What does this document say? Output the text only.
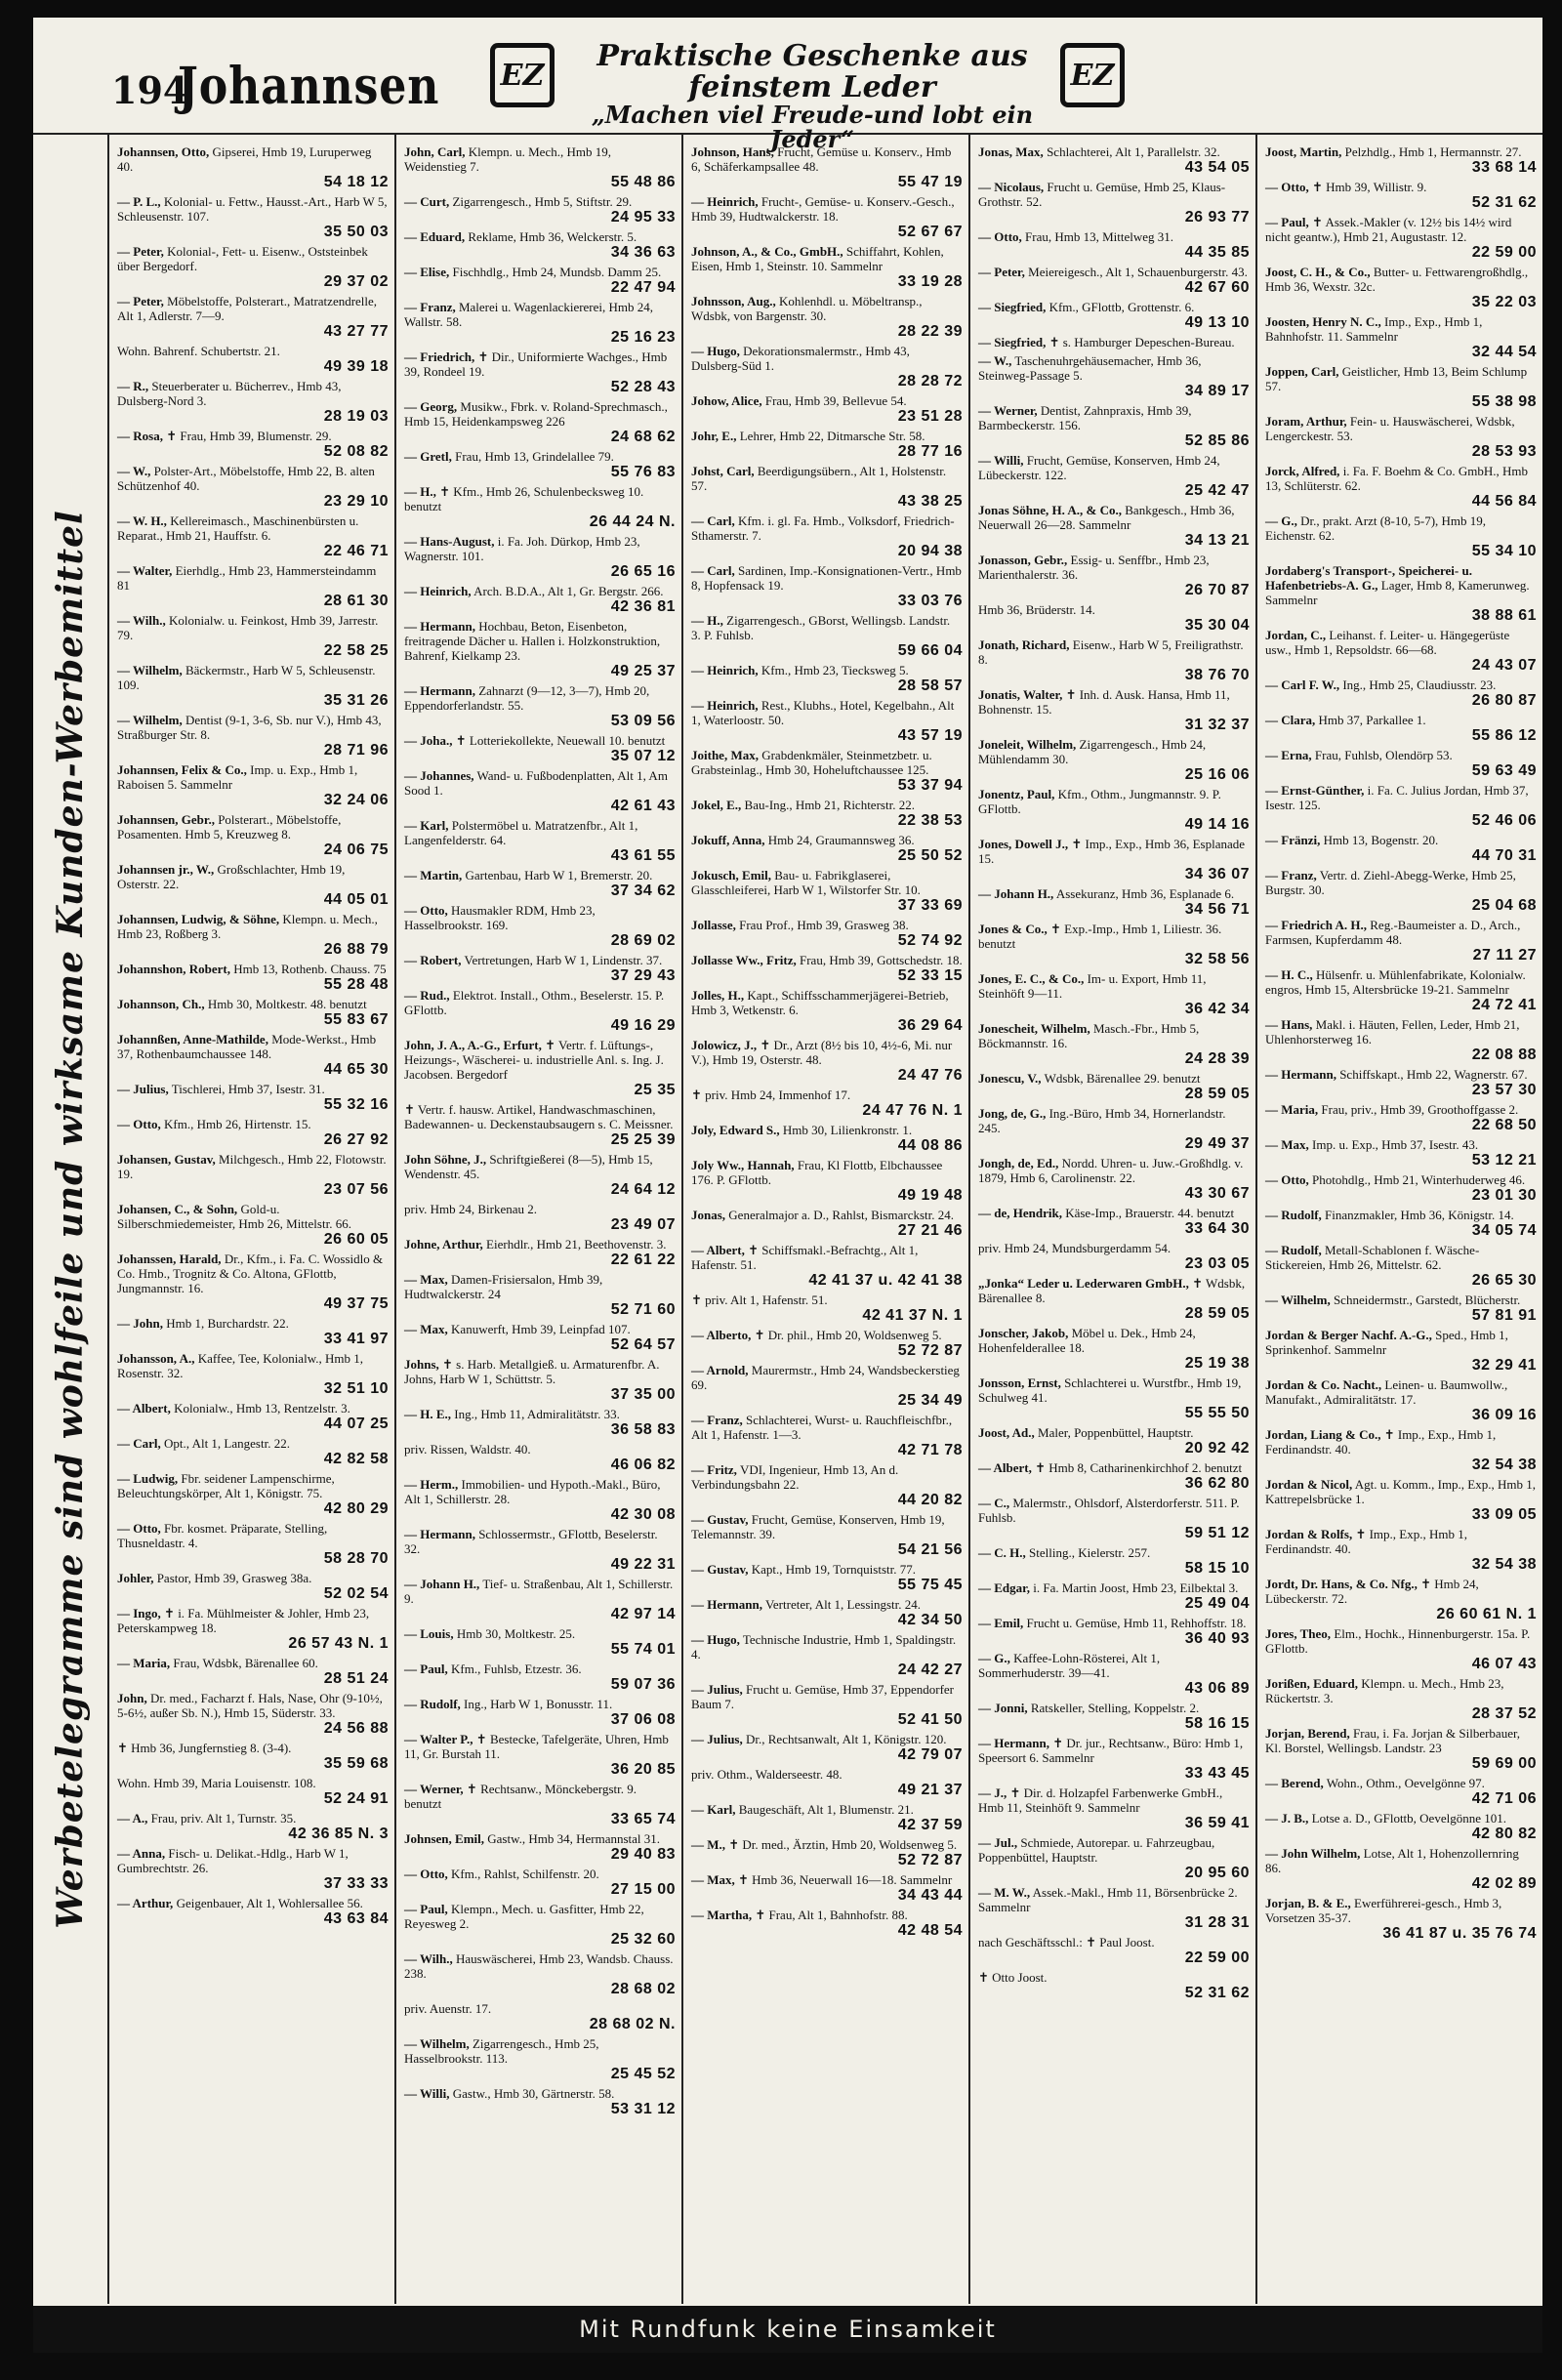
194
Johannsen	EZ
Praktische Geschenke aus feinstem Leder
„Machen viel Freude-und lobt ein Jeder“
EZ
Werbetelegramme sind wohlfeile und wirksame Kunden-Werbemittel
Johannsen, Otto, Gipserei, Hmb 19, Luruperweg 40.
54 18 12
— P. L., Kolonial- u. Fettw., Hausst.-Art., Harb W 5, Schleusenstr. 107.
35 50 03
— Peter, Kolonial-, Fett- u. Eisenw., Oststeinbek über Bergedorf.
29 37 02
— Peter, Möbelstoffe, Polsterart., Matratzendrelle, Alt 1, Adlerstr. 7—9.
43 27 77
Wohn. Bahrenf. Schubertstr. 21.
49 39 18
— R., Steuerberater u. Bücherrev., Hmb 43, Dulsberg-Nord 3.
28 19 03
— Rosa, ✝ Frau, Hmb 39, Blumenstr. 29.
52 08 82
— W., Polster-Art., Möbelstoffe, Hmb 22, B. alten Schützenhof 40.
23 29 10
— W. H., Kellereimasch., Maschinenbürsten u. Reparat., Hmb 21, Hauffstr. 6.
22 46 71
— Walter, Eierhdlg., Hmb 23, Hammersteindamm 81
28 61 30
— Wilh., Kolonialw. u. Feinkost, Hmb 39, Jarrestr. 79.
22 58 25
— Wilhelm, Bäckermstr., Harb W 5, Schleusenstr. 109.
35 31 26
— Wilhelm, Dentist (9-1, 3-6, Sb. nur V.), Hmb 43, Straßburger Str. 8.
28 71 96
Johannsen, Felix & Co., Imp. u. Exp., Hmb 1, Raboisen 5. Sammelnr
32 24 06
Johannsen, Gebr., Polsterart., Möbelstoffe, Posamenten. Hmb 5, Kreuzweg 8.
24 06 75
Johannsen jr., W., Großschlachter, Hmb 19, Osterstr. 22.
44 05 01
Johannsen, Ludwig, & Söhne, Klempn. u. Mech., Hmb 23, Roßberg 3.
26 88 79
Johannshon, Robert, Hmb 13, Rothenb. Chauss. 75
55 28 48
Johannson, Ch., Hmb 30, Moltkestr. 48. benutzt
55 83 67
Johannßen, Anne-Mathilde, Mode-Werkst., Hmb 37, Rothenbaumchaussee 148.
44 65 30
— Julius, Tischlerei, Hmb 37, Isestr. 31.
55 32 16
— Otto, Kfm., Hmb 26, Hirtenstr. 15.
26 27 92
Johansen, Gustav, Milchgesch., Hmb 22, Flotowstr. 19.
23 07 56
Johansen, C., & Sohn, Gold-u. Silberschmiedemeister, Hmb 26, Mittelstr. 66.
26 60 05
Johanssen, Harald, Dr., Kfm., i. Fa. C. Wossidlo & Co. Hmb., Trognitz & Co. Altona, GFlottb, Jungmannstr. 16.
49 37 75
— John, Hmb 1, Burchardstr. 22.
33 41 97
Johansson, A., Kaffee, Tee, Kolonialw., Hmb 1, Rosenstr. 32.
32 51 10
— Albert, Kolonialw., Hmb 13, Rentzelstr. 3.
44 07 25
— Carl, Opt., Alt 1, Langestr. 22.
42 82 58
— Ludwig, Fbr. seidener Lampenschirme, Beleuchtungskörper, Alt 1, Königstr. 75.
42 80 29
— Otto, Fbr. kosmet. Präparate, Stelling, Thusneldastr. 4.
58 28 70
Johler, Pastor, Hmb 39, Grasweg 38a.
52 02 54
— Ingo, ✝ i. Fa. Mühlmeister & Johler, Hmb 23, Peterskampweg 18.
26 57 43 N. 1
— Maria, Frau, Wdsbk, Bärenallee 60.
28 51 24
John, Dr. med., Facharzt f. Hals, Nase, Ohr (9-10½, 5-6½, außer Sb. N.), Hmb 15, Süderstr. 33.
24 56 88
✝ Hmb 36, Jungfernstieg 8. (3-4).
35 59 68
Wohn. Hmb 39, Maria Louisenstr. 108.
52 24 91
— A., Frau, priv. Alt 1, Turnstr. 35.
42 36 85 N. 3
— Anna, Fisch- u. Delikat.-Hdlg., Harb W 1, Gumbrechtstr. 26.
37 33 33
— Arthur, Geigenbauer, Alt 1, Wohlersallee 56.
43 63 84
John, Carl, Klempn. u. Mech., Hmb 19, Weidenstieg 7.
55 48 86
— Curt, Zigarrengesch., Hmb 5, Stiftstr. 29.
24 95 33
— Eduard, Reklame, Hmb 36, Welckerstr. 5.
34 36 63
— Elise, Fischhdlg., Hmb 24, Mundsb. Damm 25.
22 47 94
— Franz, Malerei u. Wagenlackiererei, Hmb 24, Wallstr. 58.
25 16 23
— Friedrich, ✝ Dir., Uniformierte Wachges., Hmb 39, Rondeel 19.
52 28 43
— Georg, Musikw., Fbrk. v. Roland-Sprechmasch., Hmb 15, Heidenkampsweg 226
24 68 62
— Gretl, Frau, Hmb 13, Grindelallee 79.
55 76 83
— H., ✝ Kfm., Hmb 26, Schulenbecksweg 10. benutzt
26 44 24 N.
— Hans-August, i. Fa. Joh. Dürkop, Hmb 23, Wagnerstr. 101.
26 65 16
— Heinrich, Arch. B.D.A., Alt 1, Gr. Bergstr. 266.
42 36 81
— Hermann, Hochbau, Beton, Eisenbeton, freitragende Dächer u. Hallen i. Holzkonstruktion, Bahrenf, Kielkamp 23.
49 25 37
— Hermann, Zahnarzt (9—12, 3—7), Hmb 20, Eppendorferlandstr. 55.
53 09 56
— Joha., ✝ Lotteriekollekte, Neuewall 10. benutzt
35 07 12
— Johannes, Wand- u. Fußbodenplatten, Alt 1, Am Sood 1.
42 61 43
— Karl, Polstermöbel u. Matratzenfbr., Alt 1, Langenfelderstr. 64.
43 61 55
— Martin, Gartenbau, Harb W 1, Bremerstr. 20.
37 34 62
— Otto, Hausmakler RDM, Hmb 23, Hasselbrookstr. 169.
28 69 02
— Robert, Vertretungen, Harb W 1, Lindenstr. 37.
37 29 43
— Rud., Elektrot. Install., Othm., Beselerstr. 15. P. GFlottb.
49 16 29
John, J. A., A.-G., Erfurt, ✝ Vertr. f. Lüftungs-, Heizungs-, Wäscherei- u. industrielle Anl. s. Ing. J. Jacobsen. Bergedorf
25 35
✝ Vertr. f. hausw. Artikel, Handwaschmaschinen, Badewannen- u. Deckenstaubsaugern s. C. Meissner.
25 25 39
John Söhne, J., Schriftgießerei (8—5), Hmb 15, Wendenstr. 45.
24 64 12
priv. Hmb 24, Birkenau 2.
23 49 07
Johne, Arthur, Eierhdlr., Hmb 21, Beethovenstr. 3.
22 61 22
— Max, Damen-Frisiersalon, Hmb 39, Hudtwalckerstr. 24
52 71 60
— Max, Kanuwerft, Hmb 39, Leinpfad 107.
52 64 57
Johns, ✝ s. Harb. Metallgieß. u. Armaturenfbr. A. Johns, Harb W 1, Schüttstr. 5.
37 35 00
— H. E., Ing., Hmb 11, Admiralitätstr. 33.
36 58 83
priv. Rissen, Waldstr. 40.
46 06 82
— Herm., Immobilien- und Hypoth.-Makl., Büro, Alt 1, Schillerstr. 28.
42 30 08
— Hermann, Schlossermstr., GFlottb, Beselerstr. 32.
49 22 31
— Johann H., Tief- u. Straßenbau, Alt 1, Schillerstr. 9.
42 97 14
— Louis, Hmb 30, Moltkestr. 25.
55 74 01
— Paul, Kfm., Fuhlsb, Etzestr. 36.
59 07 36
— Rudolf, Ing., Harb W 1, Bonusstr. 11.
37 06 08
— Walter P., ✝ Bestecke, Tafelgeräte, Uhren, Hmb 11, Gr. Burstah 11.
36 20 85
— Werner, ✝ Rechtsanw., Mönckebergstr. 9. benutzt
33 65 74
Johnsen, Emil, Gastw., Hmb 34, Hermannstal 31.
29 40 83
— Otto, Kfm., Rahlst, Schilfenstr. 20.
27 15 00
— Paul, Klempn., Mech. u. Gasfitter, Hmb 22, Reyesweg 2.
25 32 60
— Wilh., Hauswäscherei, Hmb 23, Wandsb. Chauss. 238.
28 68 02
priv. Auenstr. 17.
28 68 02 N.
— Wilhelm, Zigarrengesch., Hmb 25, Hasselbrookstr. 113.
25 45 52
— Willi, Gastw., Hmb 30, Gärtnerstr. 58.
53 31 12
Johnson, Hans, Frucht, Gemüse u. Konserv., Hmb 6, Schäferkampsallee 48.
55 47 19
— Heinrich, Frucht-, Gemüse- u. Konserv.-Gesch., Hmb 39, Hudtwalckerstr. 18.
52 67 67
Johnson, A., & Co., GmbH., Schiffahrt, Kohlen, Eisen, Hmb 1, Steinstr. 10. Sammelnr
33 19 28
Johnsson, Aug., Kohlenhdl. u. Möbeltransp., Wdsbk, von Bargenstr. 30.
28 22 39
— Hugo, Dekorationsmalermstr., Hmb 43, Dulsberg-Süd 1.
28 28 72
Johow, Alice, Frau, Hmb 39, Bellevue 54.
23 51 28
Johr, E., Lehrer, Hmb 22, Ditmarsche Str. 58.
28 77 16
Johst, Carl, Beerdigungsübern., Alt 1, Holstenstr. 57.
43 38 25
— Carl, Kfm. i. gl. Fa. Hmb., Volksdorf, Friedrich-Sthamerstr. 7.
20 94 38
— Carl, Sardinen, Imp.-Konsignationen-Vertr., Hmb 8, Hopfensack 19.
33 03 76
— H., Zigarrengesch., GBorst, Wellingsb. Landstr. 3. P. Fuhlsb.
59 66 04
— Heinrich, Kfm., Hmb 23, Tiecksweg 5.
28 58 57
— Heinrich, Rest., Klubhs., Hotel, Kegelbahn., Alt 1, Waterloostr. 50.
43 57 19
Joithe, Max, Grabdenkmäler, Steinmetzbetr. u. Grabsteinlag., Hmb 30, Hoheluftchaussee 125.
53 37 94
Jokel, E., Bau-Ing., Hmb 21, Richterstr. 22.
22 38 53
Jokuff, Anna, Hmb 24, Graumannsweg 36.
25 50 52
Jokusch, Emil, Bau- u. Fabrikglaserei, Glasschleiferei, Harb W 1, Wilstorfer Str. 10.
37 33 69
Jollasse, Frau Prof., Hmb 39, Grasweg 38.
52 74 92
Jollasse Ww., Fritz, Frau, Hmb 39, Gottschedstr. 18.
52 33 15
Jolles, H., Kapt., Schiffsschammerjägerei-Betrieb, Hmb 3, Wetkenstr. 6.
36 29 64
Jolowicz, J., ✝ Dr., Arzt (8½ bis 10, 4½-6, Mi. nur V.), Hmb 19, Osterstr. 48.
24 47 76
✝ priv. Hmb 24, Immenhof 17.
24 47 76 N. 1
Joly, Edward S., Hmb 30, Lilienkronstr. 1.
44 08 86
Joly Ww., Hannah, Frau, Kl Flottb, Elbchaussee 176. P. GFlottb.
49 19 48
Jonas, Generalmajor a. D., Rahlst, Bismarckstr. 24.
27 21 46
— Albert, ✝ Schiffsmakl.-Befrachtg., Alt 1, Hafenstr. 51.
42 41 37 u. 42 41 38
✝ priv. Alt 1, Hafenstr. 51.
42 41 37 N. 1
— Alberto, ✝ Dr. phil., Hmb 20, Woldsenweg 5.
52 72 87
— Arnold, Maurermstr., Hmb 24, Wandsbeckerstieg 69.
25 34 49
— Franz, Schlachterei, Wurst- u. Rauchfleischfbr., Alt 1, Hafenstr. 1—3.
42 71 78
— Fritz, VDI, Ingenieur, Hmb 13, An d. Verbindungsbahn 22.
44 20 82
— Gustav, Frucht, Gemüse, Konserven, Hmb 19, Telemannstr. 39.
54 21 56
— Gustav, Kapt., Hmb 19, Tornquiststr. 77.
55 75 45
— Hermann, Vertreter, Alt 1, Lessingstr. 24.
42 34 50
— Hugo, Technische Industrie, Hmb 1, Spaldingstr. 4.
24 42 27
— Julius, Frucht u. Gemüse, Hmb 37, Eppendorfer Baum 7.
52 41 50
— Julius, Dr., Rechtsanwalt, Alt 1, Königstr. 120.
42 79 07
priv. Othm., Walderseestr. 48.
49 21 37
— Karl, Baugeschäft, Alt 1, Blumenstr. 21.
42 37 59
— M., ✝ Dr. med., Ärztin, Hmb 20, Woldsenweg 5.
52 72 87
— Max, ✝ Hmb 36, Neuerwall 16—18. Sammelnr
34 43 44
— Martha, ✝ Frau, Alt 1, Bahnhofstr. 88.
42 48 54
Jonas, Max, Schlachterei, Alt 1, Parallelstr. 32.
43 54 05
— Nicolaus, Frucht u. Gemüse, Hmb 25, Klaus-Grothstr. 52.
26 93 77
— Otto, Frau, Hmb 13, Mittelweg 31.
44 35 85
— Peter, Meiereigesch., Alt 1, Schauenburgerstr. 43.
42 67 60
— Siegfried, Kfm., GFlottb, Grottenstr. 6.
49 13 10
— Siegfried, ✝ s. Hamburger Depeschen-Bureau.
— W., Taschenuhrgehäusemacher, Hmb 36, Steinweg-Passage 5.
34 89 17
— Werner, Dentist, Zahnpraxis, Hmb 39, Barmbeckerstr. 156.
52 85 86
— Willi, Frucht, Gemüse, Konserven, Hmb 24, Lübeckerstr. 122.
25 42 47
Jonas Söhne, H. A., & Co., Bankgesch., Hmb 36, Neuerwall 26—28. Sammelnr
34 13 21
Jonasson, Gebr., Essig- u. Senffbr., Hmb 23, Marienthalerstr. 36.
26 70 87
Hmb 36, Brüderstr. 14.
35 30 04
Jonath, Richard, Eisenw., Harb W 5, Freiligrathstr. 8.
38 76 70
Jonatis, Walter, ✝ Inh. d. Ausk. Hansa, Hmb 11, Bohnenstr. 15.
31 32 37
Joneleit, Wilhelm, Zigarrengesch., Hmb 24, Mühlendamm 30.
25 16 06
Jonentz, Paul, Kfm., Othm., Jungmannstr. 9. P. GFlottb.
49 14 16
Jones, Dowell J., ✝ Imp., Exp., Hmb 36, Esplanade 15.
34 36 07
— Johann H., Assekuranz, Hmb 36, Esplanade 6.
34 56 71
Jones & Co., ✝ Exp.-Imp., Hmb 1, Liliestr. 36. benutzt
32 58 56
Jones, E. C., & Co., Im- u. Export, Hmb 11, Steinhöft 9—11.
36 42 34
Jonescheit, Wilhelm, Masch.-Fbr., Hmb 5, Böckmannstr. 16.
24 28 39
Jonescu, V., Wdsbk, Bärenallee 29. benutzt
28 59 05
Jong, de, G., Ing.-Büro, Hmb 34, Hornerlandstr. 245.
29 49 37
Jongh, de, Ed., Nordd. Uhren- u. Juw.-Großhdlg. v. 1879, Hmb 6, Carolinenstr. 22.
43 30 67
— de, Hendrik, Käse-Imp., Brauerstr. 44. benutzt
33 64 30
priv. Hmb 24, Mundsburgerdamm 54.
23 03 05
„Jonka“ Leder u. Lederwaren GmbH., ✝ Wdsbk, Bärenallee 8.
28 59 05
Jonscher, Jakob, Möbel u. Dek., Hmb 24, Hohenfelderallee 18.
25 19 38
Jonsson, Ernst, Schlachterei u. Wurstfbr., Hmb 19, Schulweg 41.
55 55 50
Joost, Ad., Maler, Poppenbüttel, Hauptstr.
20 92 42
— Albert, ✝ Hmb 8, Catharinenkirchhof 2. benutzt
36 62 80
— C., Malermstr., Ohlsdorf, Alsterdorferstr. 511. P. Fuhlsb.
59 51 12
— C. H., Stelling., Kielerstr. 257.
58 15 10
— Edgar, i. Fa. Martin Joost, Hmb 23, Eilbektal 3.
25 49 04
— Emil, Frucht u. Gemüse, Hmb 11, Rehhoffstr. 18.
36 40 93
— G., Kaffee-Lohn-Rösterei, Alt 1, Sommerhuderstr. 39—41.
43 06 89
— Jonni, Ratskeller, Stelling, Koppelstr. 2.
58 16 15
— Hermann, ✝ Dr. jur., Rechtsanw., Büro: Hmb 1, Speersort 6. Sammelnr
33 43 45
— J., ✝ Dir. d. Holzapfel Farbenwerke GmbH., Hmb 11, Steinhöft 9. Sammelnr
36 59 41
— Jul., Schmiede, Autorepar. u. Fahrzeugbau, Poppenbüttel, Hauptstr.
20 95 60
— M. W., Assek.-Makl., Hmb 11, Börsenbrücke 2. Sammelnr
31 28 31
nach Geschäftsschl.: ✝ Paul Joost.
22 59 00
✝ Otto Joost.
52 31 62
Joost, Martin, Pelzhdlg., Hmb 1, Hermannstr. 27.
33 68 14
— Otto, ✝ Hmb 39, Willistr. 9.
52 31 62
— Paul, ✝ Assek.-Makler (v. 12½ bis 14½ wird nicht geantw.), Hmb 21, Augustastr. 12.
22 59 00
Joost, C. H., & Co., Butter- u. Fettwarengroßhdlg., Hmb 36, Wexstr. 32c.
35 22 03
Joosten, Henry N. C., Imp., Exp., Hmb 1, Bahnhofstr. 11. Sammelnr
32 44 54
Joppen, Carl, Geistlicher, Hmb 13, Beim Schlump 57.
55 38 98
Joram, Arthur, Fein- u. Hauswäscherei, Wdsbk, Lengerckestr. 53.
28 53 93
Jorck, Alfred, i. Fa. F. Boehm & Co. GmbH., Hmb 13, Schlüterstr. 62.
44 56 84
— G., Dr., prakt. Arzt (8-10, 5-7), Hmb 19, Eichenstr. 62.
55 34 10
Jordaberg's Transport-, Speicherei- u. Hafenbetriebs-A. G., Lager, Hmb 8, Kamerunweg. Sammelnr
38 88 61
Jordan, C., Leihanst. f. Leiter- u. Hängegerüste usw., Hmb 1, Repsoldstr. 66—68.
24 43 07
— Carl F. W., Ing., Hmb 25, Claudiusstr. 23.
26 80 87
— Clara, Hmb 37, Parkallee 1.
55 86 12
— Erna, Frau, Fuhlsb, Olendörp 53.
59 63 49
— Ernst-Günther, i. Fa. C. Julius Jordan, Hmb 37, Isestr. 125.
52 46 06
— Fränzi, Hmb 13, Bogenstr. 20.
44 70 31
— Franz, Vertr. d. Ziehl-Abegg-Werke, Hmb 25, Burgstr. 30.
25 04 68
— Friedrich A. H., Reg.-Baumeister a. D., Arch., Farmsen, Kupferdamm 48.
27 11 27
— H. C., Hülsenfr. u. Mühlenfabrikate, Kolonialw. engros, Hmb 15, Altersbrücke 19-21. Sammelnr
24 72 41
— Hans, Makl. i. Häuten, Fellen, Leder, Hmb 21, Uhlenhorsterweg 16.
22 08 88
— Hermann, Schiffskapt., Hmb 22, Wagnerstr. 67.
23 57 30
— Maria, Frau, priv., Hmb 39, Groothoffgasse 2.
22 68 50
— Max, Imp. u. Exp., Hmb 37, Isestr. 43.
53 12 21
— Otto, Photohdlg., Hmb 21, Winterhuderweg 46.
23 01 30
— Rudolf, Finanzmakler, Hmb 36, Königstr. 14.
34 05 74
— Rudolf, Metall-Schablonen f. Wäsche-Stickereien, Hmb 26, Mittelstr. 62.
26 65 30
— Wilhelm, Schneidermstr., Garstedt, Blücherstr.
57 81 91
Jordan & Berger Nachf. A.-G., Sped., Hmb 1, Sprinkenhof. Sammelnr
32 29 41
Jordan & Co. Nacht., Leinen- u. Baumwollw., Manufakt., Admiralitätstr. 17.
36 09 16
Jordan, Liang & Co., ✝ Imp., Exp., Hmb 1, Ferdinandstr. 40.
32 54 38
Jordan & Nicol, Agt. u. Komm., Imp., Exp., Hmb 1, Kattrepelsbrücke 1.
33 09 05
Jordan & Rolfs, ✝ Imp., Exp., Hmb 1, Ferdinandstr. 40.
32 54 38
Jordt, Dr. Hans, & Co. Nfg., ✝ Hmb 24, Lübeckerstr. 72.
26 60 61 N. 1
Jores, Theo, Elm., Hochk., Hinnenburgerstr. 15a. P. GFlottb.
46 07 43
Jorißen, Eduard, Klempn. u. Mech., Hmb 23, Rückertstr. 3.
28 37 52
Jorjan, Berend, Frau, i. Fa. Jorjan & Silberbauer, Kl. Borstel, Wellingsb. Landstr. 23
59 69 00
— Berend, Wohn., Othm., Oevelgönne 97.
42 71 06
— J. B., Lotse a. D., GFlottb, Oevelgönne 101.
42 80 82
— John Wilhelm, Lotse, Alt 1, Hohenzollernring 86.
42 02 89
Jorjan, B. & E., Ewerführerei-gesch., Hmb 3, Vorsetzen 35-37.
36 41 87 u. 35 76 74
Mit Rundfunk keine Einsamkeit
